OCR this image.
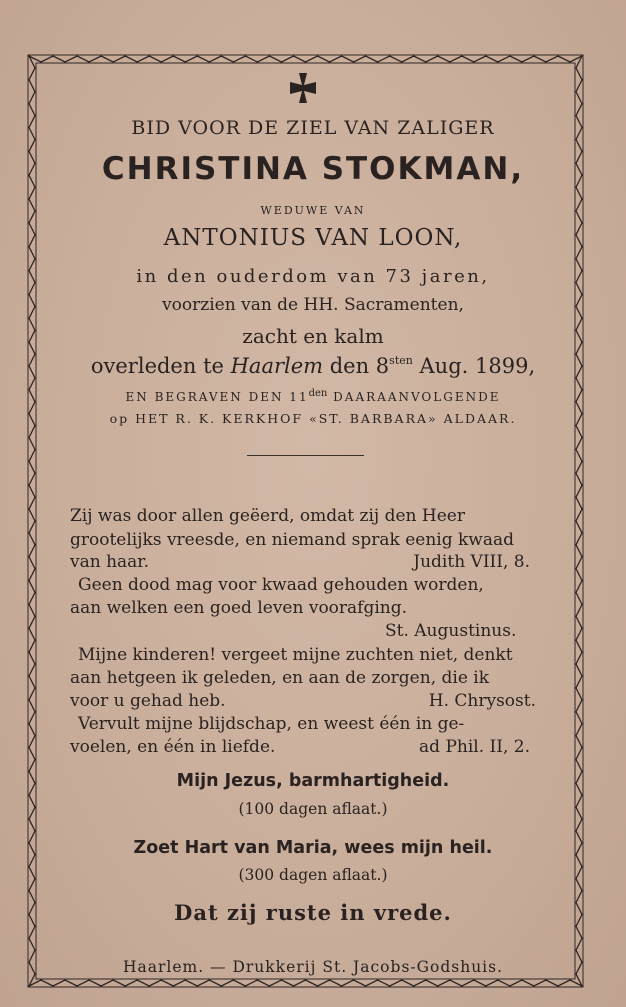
BID VOOR DE ZIEL VAN ZALIGER
CHRISTINA STOKMAN,
WEDUWE VAN
ANTONIUS VAN LOON,
in den ouderdom van 73 jaren,
voorzien van de HH. Sacramenten,
zacht en kalm
overleden te Haarlem den $8^{sten}$ Aug. 1899,
EN BEGRAVEN DEN $11^{den}$ DAARAANVOLGENDE
op HET R. K. KERKHOF «ST. BARBARA» ALDAAR.
Zij was door allen geëerd, omdat zij den Heer
grootelijks vreesde, en niemand sprak eenig kwaad
van haar.	Judith VIII, 8.
Geen dood mag voor kwaad gehouden worden,
aan welken een goed leven voorafging.
St. Augustinus.
Mijne kinderen! vergeet mijne zuchten niet, denkt
aan hetgeen ik geleden, en aan de zorgen, die ik
voor u gehad heb.	H. Chrysost.
Vervult mijne blijdschap, en weest één in ge-
voelen, en één in liefde.	ad Phil. II, 2.
Mijn Jezus, barmhartigheid.
(100 dagen aflaat.)
Zoet Hart van Maria, wees mijn heil.
(300 dagen aflaat.)
Dat zij ruste in vrede.
Haarlem. — Drukkerij St. Jacobs-Godshuis.
